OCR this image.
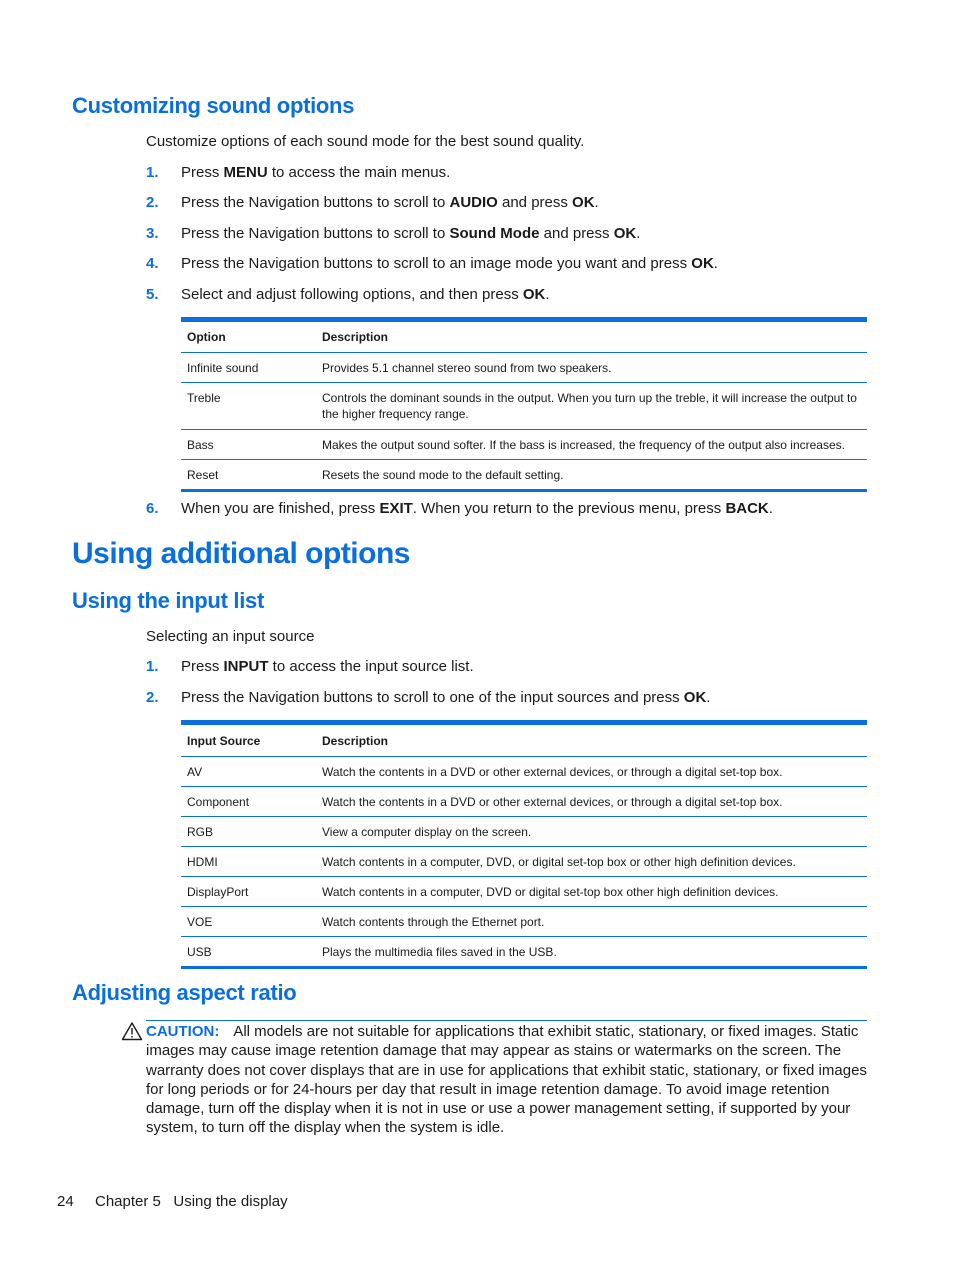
Customizing sound options
Customize options of each sound mode for the best sound quality.
1. Press MENU to access the main menus.
2. Press the Navigation buttons to scroll to AUDIO and press OK.
3. Press the Navigation buttons to scroll to Sound Mode and press OK.
4. Press the Navigation buttons to scroll to an image mode you want and press OK.
5. Select and adjust following options, and then press OK.
Option	Description
Infinite sound	Provides 5.1 channel stereo sound from two speakers.
Treble	Controls the dominant sounds in the output. When you turn up the treble, it will increase the output to the higher frequency range.
Bass	Makes the output sound softer. If the bass is increased, the frequency of the output also increases.
Reset	Resets the sound mode to the default setting.
6. When you are finished, press EXIT. When you return to the previous menu, press BACK.
Using additional options
Using the input list
Selecting an input source
1. Press INPUT to access the input source list.
2. Press the Navigation buttons to scroll to one of the input sources and press OK.
Input Source	Description
AV	Watch the contents in a DVD or other external devices, or through a digital set-top box.
Component	Watch the contents in a DVD or other external devices, or through a digital set-top box.
RGB	View a computer display on the screen.
HDMI	Watch contents in a computer, DVD, or digital set-top box or other high definition devices.
DisplayPort	Watch contents in a computer, DVD or digital set-top box other high definition devices.
VOE	Watch contents through the Ethernet port.
USB	Plays the multimedia files saved in the USB.
Adjusting aspect ratio
CAUTION: All models are not suitable for applications that exhibit static, stationary, or fixed images. Static images may cause image retention damage that may appear as stains or watermarks on the screen. The warranty does not cover displays that are in use for applications that exhibit static, stationary, or fixed images for long periods or for 24-hours per day that result in image retention damage. To avoid image retention damage, turn off the display when it is not in use or use a power management setting, if supported by your system, to turn off the display when the system is idle.
24 Chapter 5   Using the display
